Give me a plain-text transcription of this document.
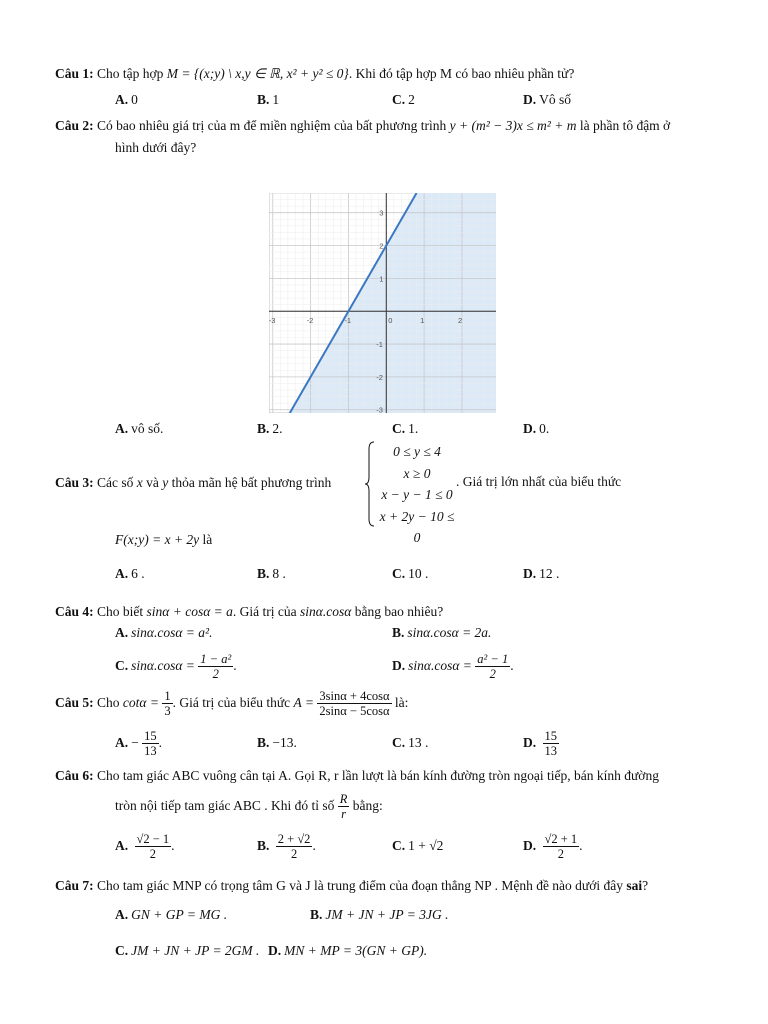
Câu 1: Cho tập hợp M = {(x;y) \ x,y ∈ ℝ, x² + y² ≤ 0}. Khi đó tập hợp M có bao nhiêu phần tử?
A. 0	B. 1	C. 2	D. Vô số
Câu 2: Có bao nhiêu giá trị của m để miền nghiệm của bất phương trình y + (m² − 3)x ≤ m² + m là phần tô đậm ở
hình dưới đây?
-3	-2	-1	0	1	2
3
2
1
-1
-2
-3
A. vô số.	B. 2.	C. 1.	D. 0.
Câu 3: Các số x và y thỏa mãn hệ bất phương trình
0 ≤ y ≤ 4
x ≥ 0
x − y − 1 ≤ 0
x + 2y − 10 ≤ 0
. Giá trị lớn nhất của biểu thức
F(x;y) = x + 2y là
A. 6 .	B. 8 .	C. 10 .	D. 12 .
Câu 4: Cho biết sinα + cosα = a. Giá trị của sinα.cosα bằng bao nhiêu?
A. sinα.cosα = a².	B. sinα.cosα = 2a.
C. $\sin\alpha.\cos\alpha = \frac{\text{1 − a²}}{2}$ .	D. $\sin\alpha.\cos\alpha = \frac{\text{a² − 1}}{2}$ .
Câu 5: Cho $\cot\alpha = \frac{1}{3}$ . Giá trị của biểu thức $A = \frac{3\sin\alpha + 4\cos\alpha}{2\sin\alpha - 5\cos\alpha}$ là:
A. − $\frac{15}{13}$ .	B. −13.	C. 13 .	D. $\frac{15}{13}$
Câu 6: Cho tam giác ABC vuông cân tại A. Gọi R, r lần lượt là bán kính đường tròn ngoại tiếp, bán kính đường
tròn nội tiếp tam giác ABC . Khi đó tỉ số $\frac{R}{r}$ bằng:
A. $\frac{√2 - 1}{2}$ .	B. $\frac{2 + √2}{2}$ .	C. 1 + √2	D. $\frac{√2 + 1}{2}$ .
Câu 7: Cho tam giác MNP có trọng tâm G và J là trung điểm của đoạn thẳng NP . Mệnh đề nào dưới đây sai?
A. GN + GP = MG .	B. JM + JN + JP = 3JG .
C. JM + JN + JP = 2GM . D. MN + MP = 3(GN + GP).
